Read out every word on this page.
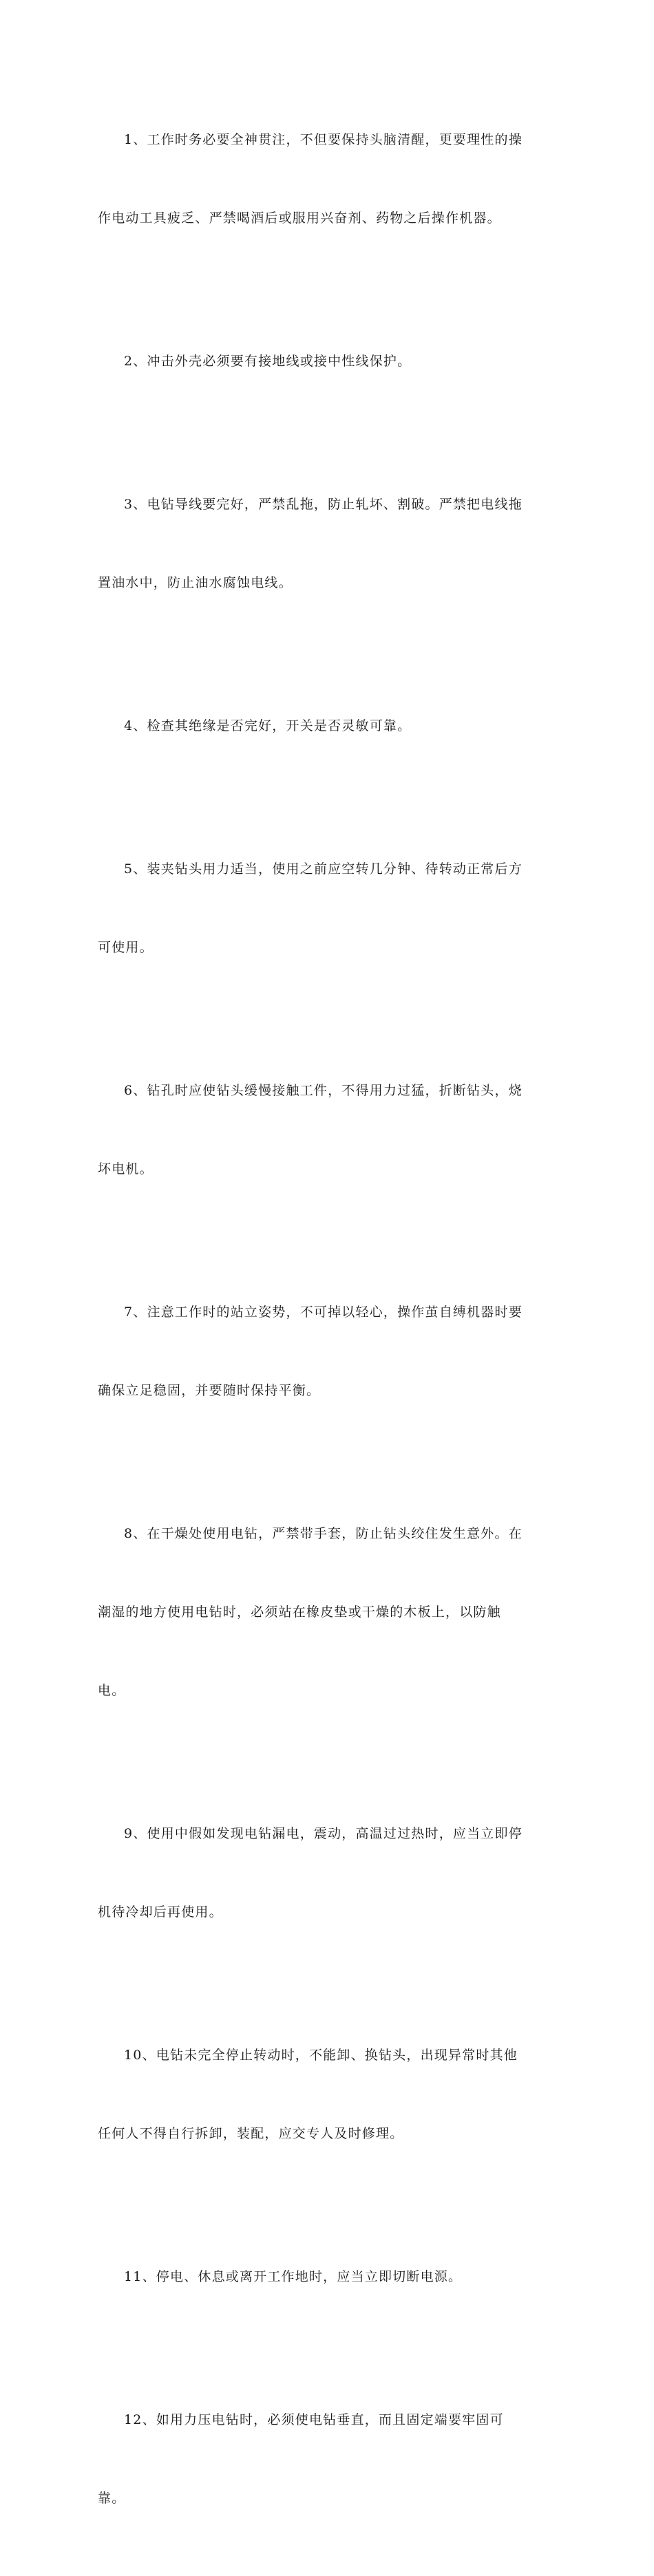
1、工作时务必要全神贯注，不但要保持头脑清醒，更要理性的操

作电动工具疲乏、严禁喝酒后或服用兴奋剂、药物之后操作机器。

2、冲击外壳必须要有接地线或接中性线保护。

3、电钻导线要完好，严禁乱拖，防止轧坏、割破。严禁把电线拖

置油水中，防止油水腐蚀电线。

4、检查其绝缘是否完好，开关是否灵敏可靠。

5、装夹钻头用力适当，使用之前应空转几分钟、待转动正常后方

可使用。

6、钻孔时应使钻头缓慢接触工件，不得用力过猛，折断钻头，烧

坏电机。

7、注意工作时的站立姿势，不可掉以轻心，操作茧自缚机器时要

确保立足稳固，并要随时保持平衡。

8、在干燥处使用电钻，严禁带手套，防止钻头绞住发生意外。在

潮湿的地方使用电钻时，必须站在橡皮垫或干燥的木板上，以防触

电。

9、使用中假如发现电钻漏电，震动，高温过过热时，应当立即停

机待冷却后再使用。

10、电钻未完全停止转动时，不能卸、换钻头，出现异常时其他

任何人不得自行拆卸，装配，应交专人及时修理。

11、停电、休息或离开工作地时，应当立即切断电源。

12、如用力压电钻时，必须使电钻垂直，而且固定端要牢固可

靠。
